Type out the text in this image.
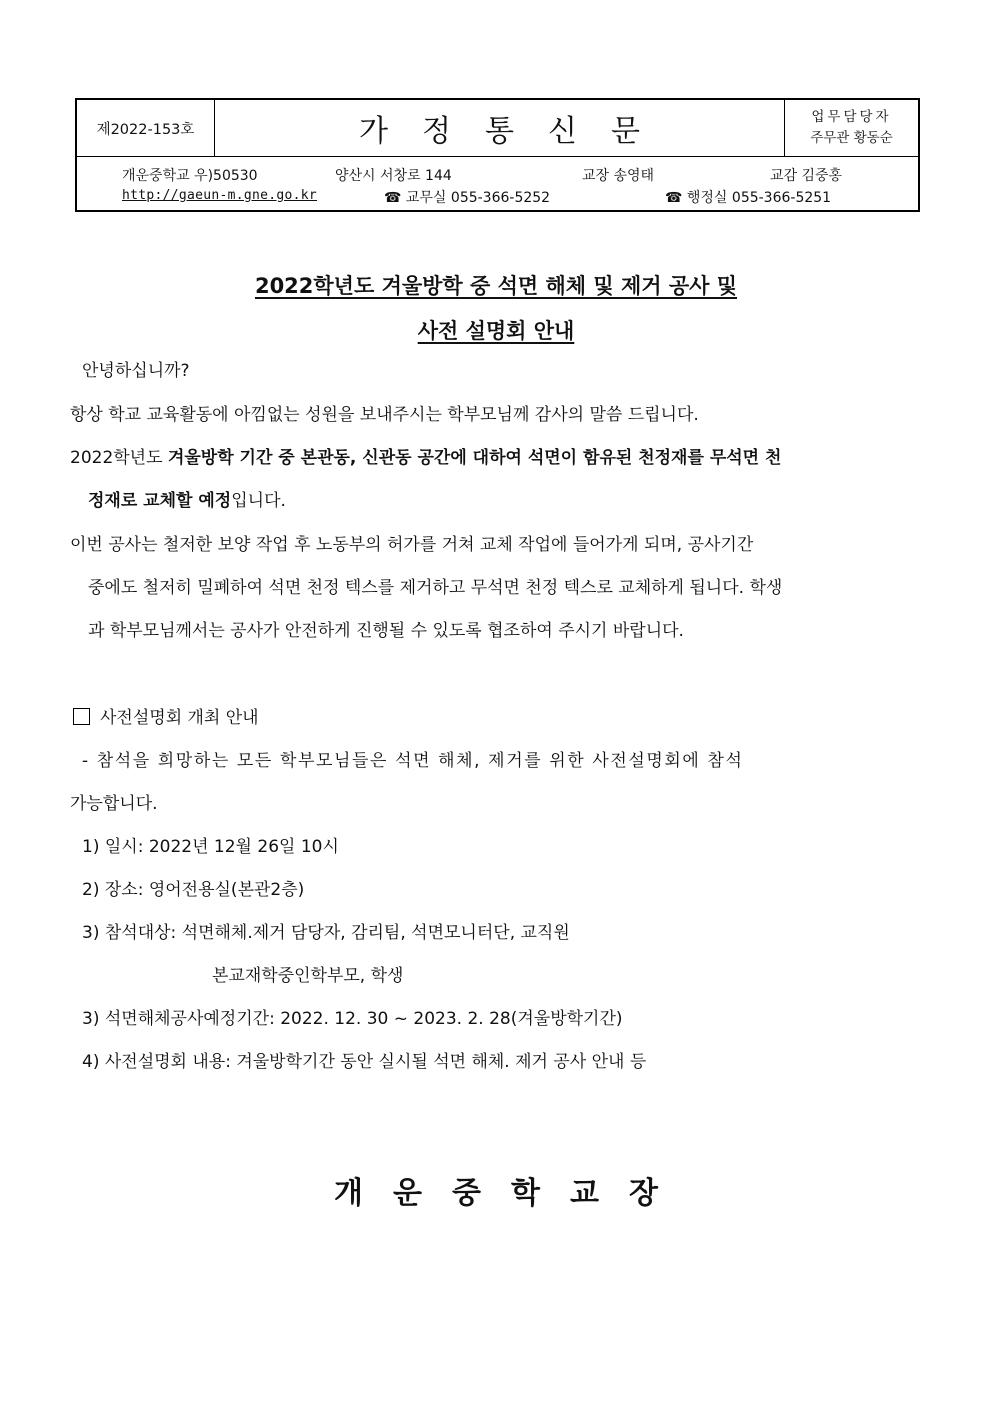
제2022-153호	가정통신문	업무담당자
주무관 황동순
개운중학교 우)50530	양산시 서창로 144	교장 송영태	교감 김중홍
http://gaeun-m.gne.go.kr	☎ 교무실 055-366-5252	☎ 행정실 055-366-5251
2022학년도 겨울방학 중 석면 해체 및 제거 공사 및
사전 설명회 안내
안녕하십니까?
항상 학교 교육활동에 아낌없는 성원을 보내주시는 학부모님께 감사의 말씀 드립니다.
2022학년도 겨울방학 기간 중 본관동, 신관동 공간에 대하여 석면이 함유된 천정재를 무석면 천
정재로 교체할 예정입니다.
이번 공사는 철저한 보양 작업 후 노동부의 허가를 거쳐 교체 작업에 들어가게 되며, 공사기간
중에도 철저히 밀폐하여 석면 천정 텍스를 제거하고 무석면 천정 텍스로 교체하게 됩니다. 학생
과 학부모님께서는 공사가 안전하게 진행될 수 있도록 협조하여 주시기 바랍니다.
사전설명회 개최 안내
- 참석을 희망하는 모든 학부모님들은 석면 해체, 제거를 위한 사전설명회에 참석
가능합니다.
1) 일시: 2022년 12월 26일 10시
2) 장소: 영어전용실(본관2층)
3) 참석대상: 석면해체.제거 담당자, 감리팀, 석면모니터단, 교직원
본교재학중인학부모, 학생
3) 석면해체공사예정기간: 2022. 12. 30 ~ 2023. 2. 28(겨울방학기간)
4) 사전설명회 내용: 겨울방학기간 동안 실시될 석면 해체. 제거 공사 안내 등
개운중학교장
